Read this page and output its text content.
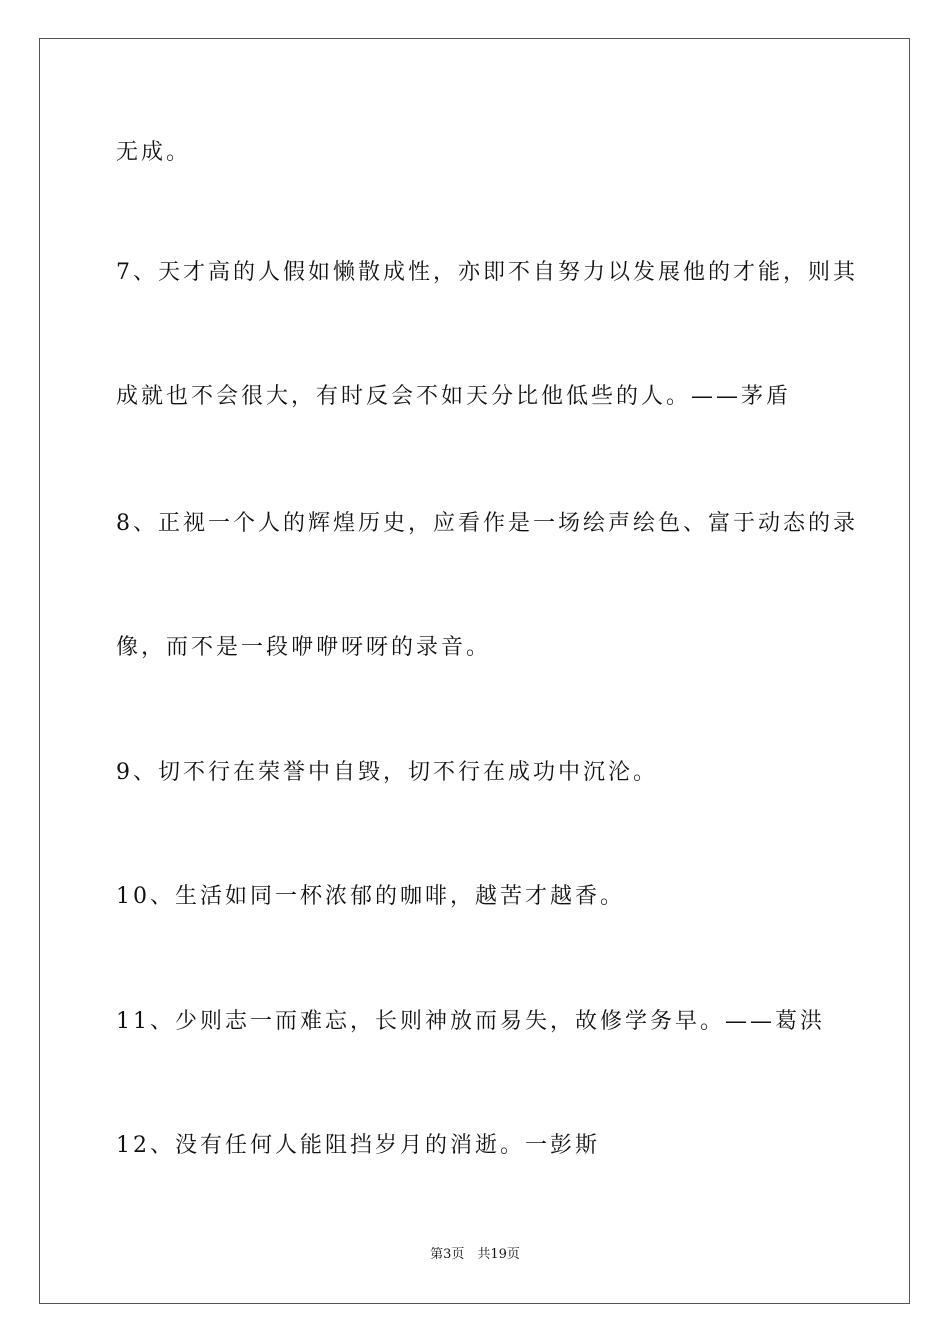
无成。

7、天才高的人假如懒散成性，亦即不自努力以发展他的才能，则其

成就也不会很大，有时反会不如天分比他低些的人。——茅盾

8、正视一个人的辉煌历史，应看作是一场绘声绘色、富于动态的录

像，而不是一段咿咿呀呀的录音。

9、切不行在荣誉中自毁，切不行在成功中沉沦。

10、生活如同一杯浓郁的咖啡，越苦才越香。

11、少则志一而难忘，长则神放而易失，故修学务早。——葛洪

12、没有任何人能阻挡岁月的消逝。一彭斯

第3页　共19页
